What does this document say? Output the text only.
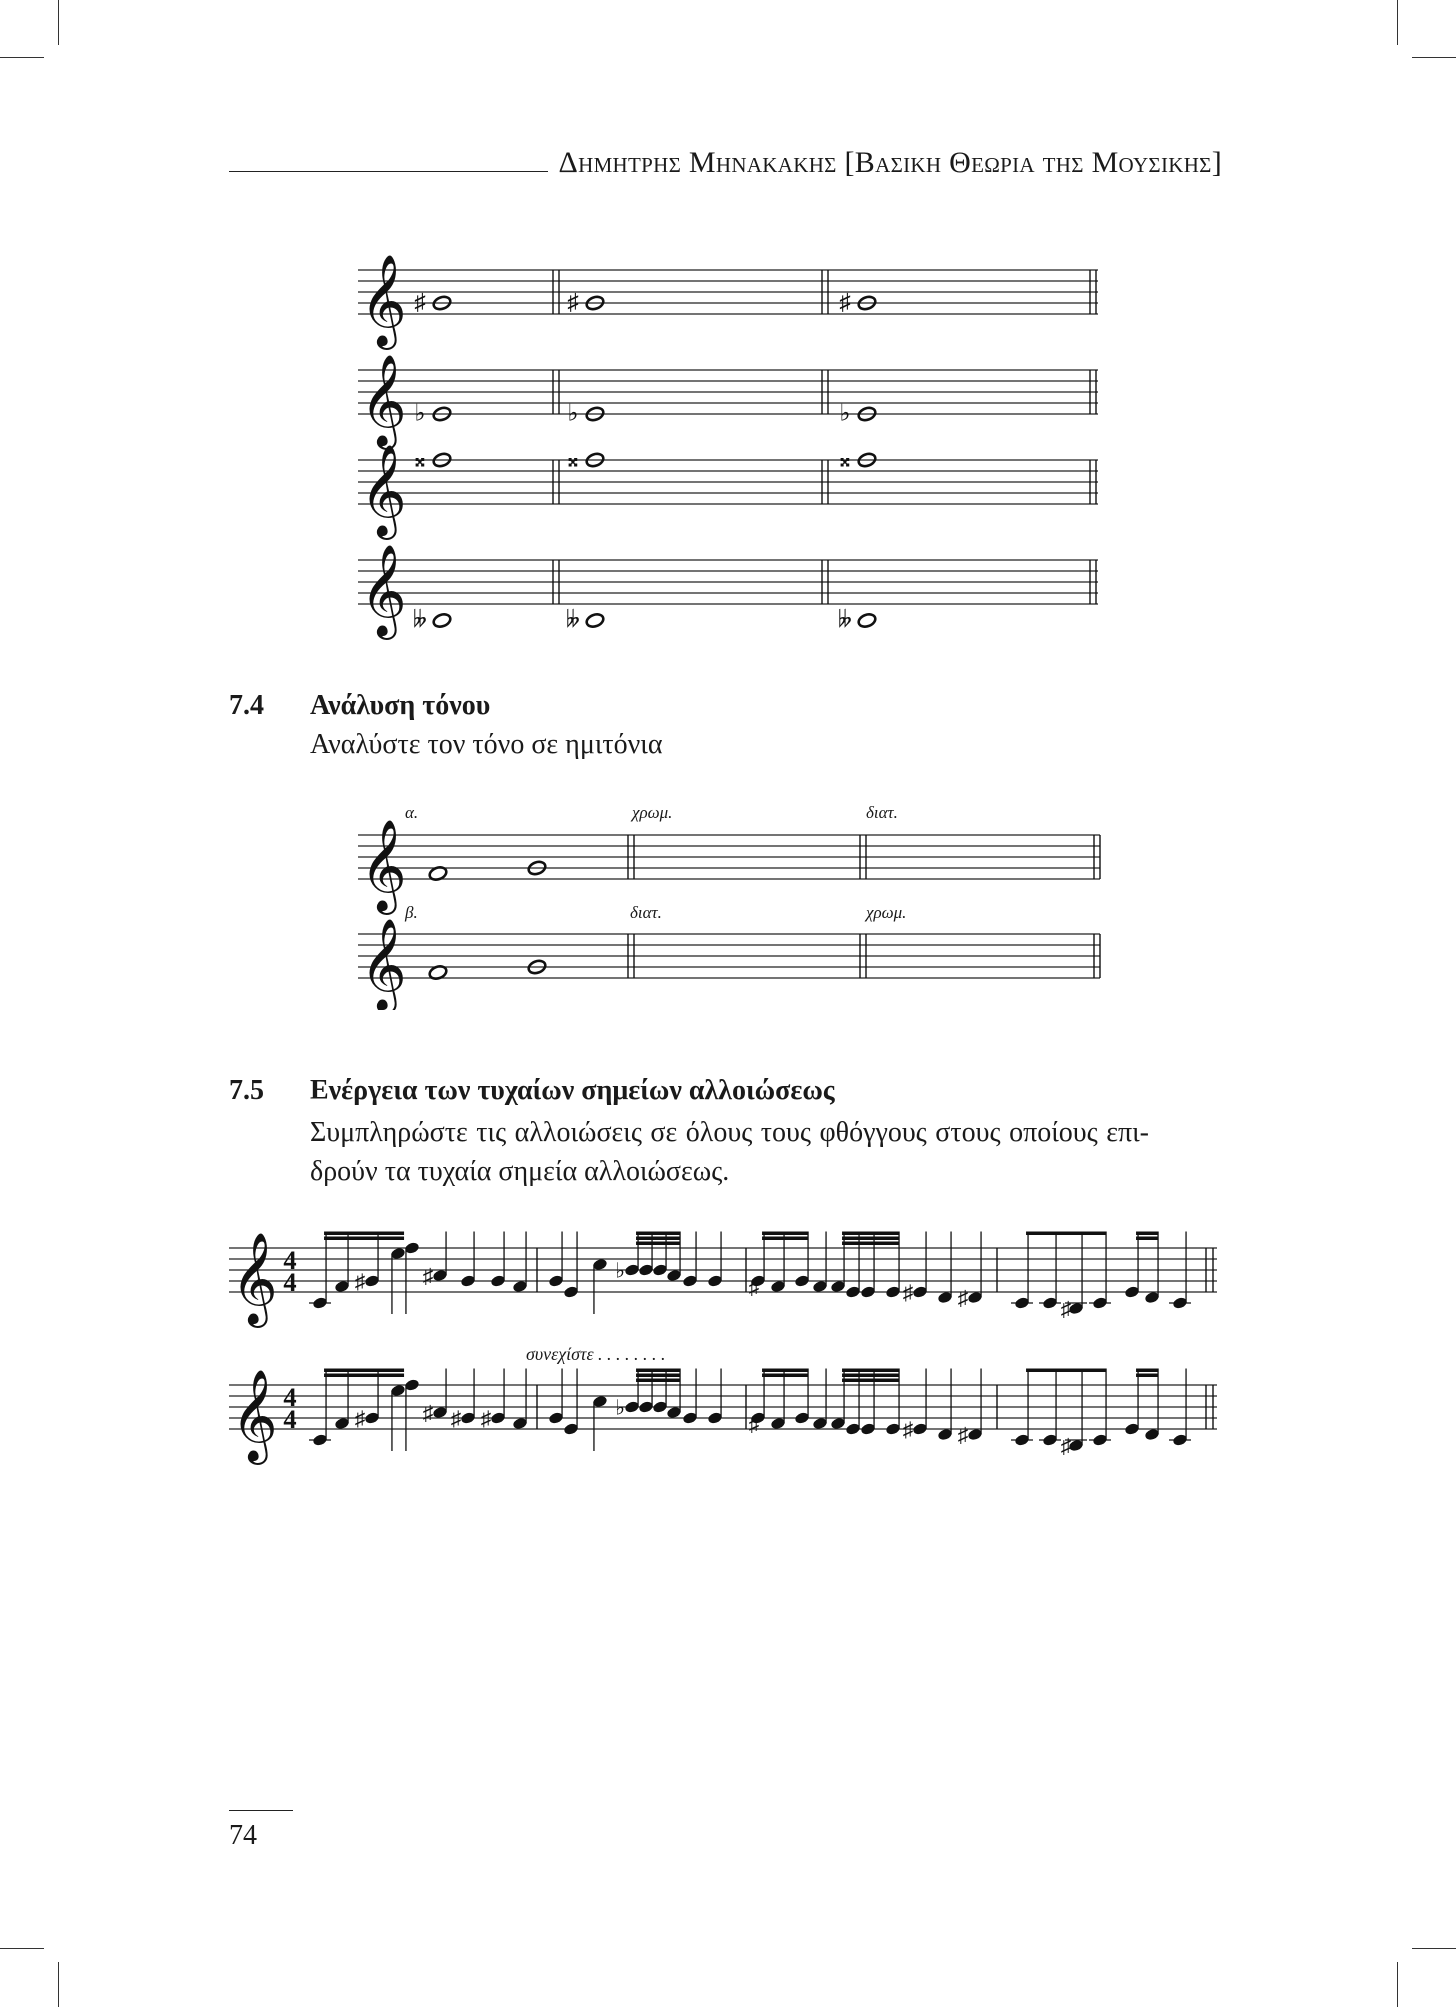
Δημητρης Μηνακακης [Βασικη Θεωρια της Μουσικης]
𝄞 ♯	♯	♯
𝄞 ♭	♭	♭
𝄞 𝄪	𝄪	𝄪
𝄞 𝄫	𝄫	𝄫
7.4 Ανάλυση τόνου
Αναλύστε τον τόνο σε ημιτόνια
𝄞
𝄞
α.	χρωμ.	διατ.
β.	διατ.	χρωμ.
7.5 Ενέργεια των τυχαίων σημείων αλλοιώσεως
Συμπληρώστε τις αλλοιώσεις σε όλους τους φθόγγους στους οποίους επι-
δρούν τα τυχαία σημεία αλλοιώσεως.
𝄞 4
4	♯	♯	♭
♯	♯ ♯	♯
𝄞 4
4	♯	♯	♭
♯	♯ ♯	♯
♯ ♯
συνεχίστε . . . . . . . .
74
